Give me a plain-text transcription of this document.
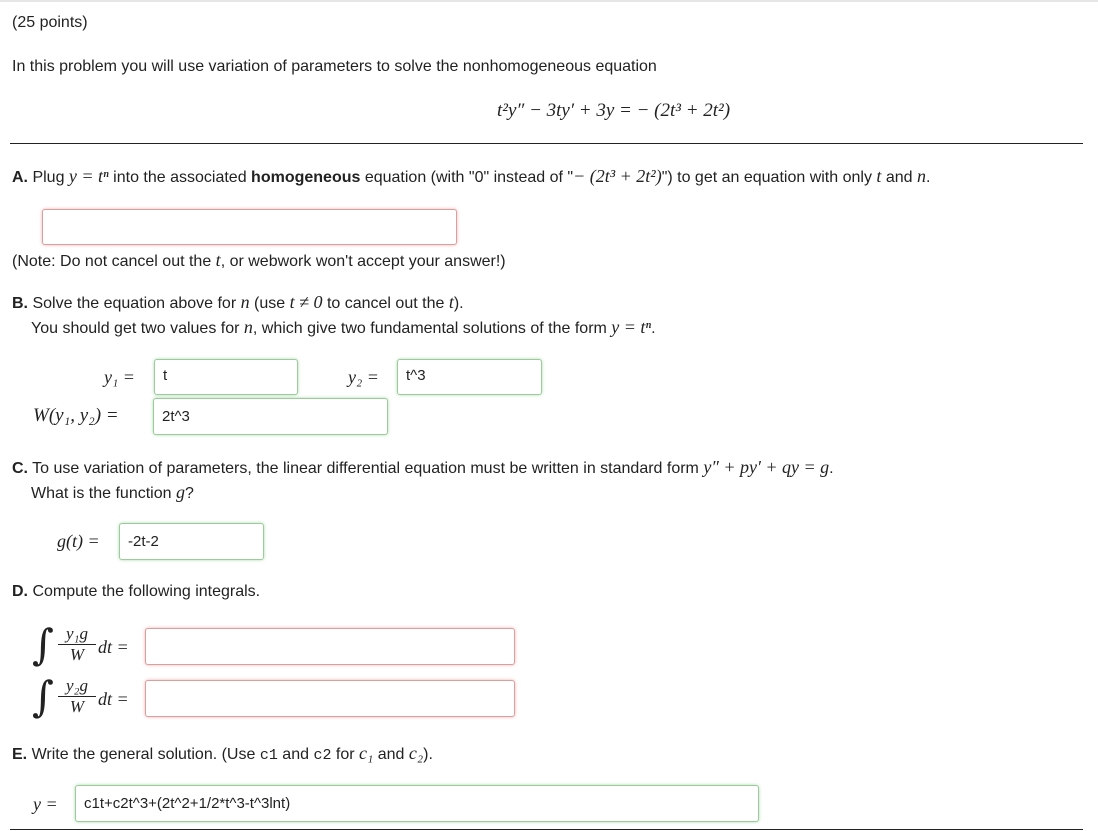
(25 points)
In this problem you will use variation of parameters to solve the nonhomogeneous equation
t²y″ − 3ty′ + 3y = − (2t³ + 2t²)
A. Plug y = tⁿ into the associated homogeneous equation (with "0" instead of "− (2t³ + 2t²)") to get an equation with only t and n.
(Note: Do not cancel out the t, or webwork won't accept your answer!)
B. Solve the equation above for n (use t ≠ 0 to cancel out the t).
You should get two values for n, which give two fundamental solutions of the form y = tⁿ.
y₁ =	t	y₂ =	t^3
W(y₁, y₂) =	2t^3
C. To use variation of parameters, the linear differential equation must be written in standard form y″ + py′ + qy = g.
What is the function g?
g(t) =	-2t-2
D. Compute the following integrals.
∫ y₁g
W dt =
∫ y₂g
W dt =
E. Write the general solution. (Use c1 and c2 for c₁ and c₂).
y =	c1t+c2t^3+(2t^2+1/2*t^3-t^3lnt)
